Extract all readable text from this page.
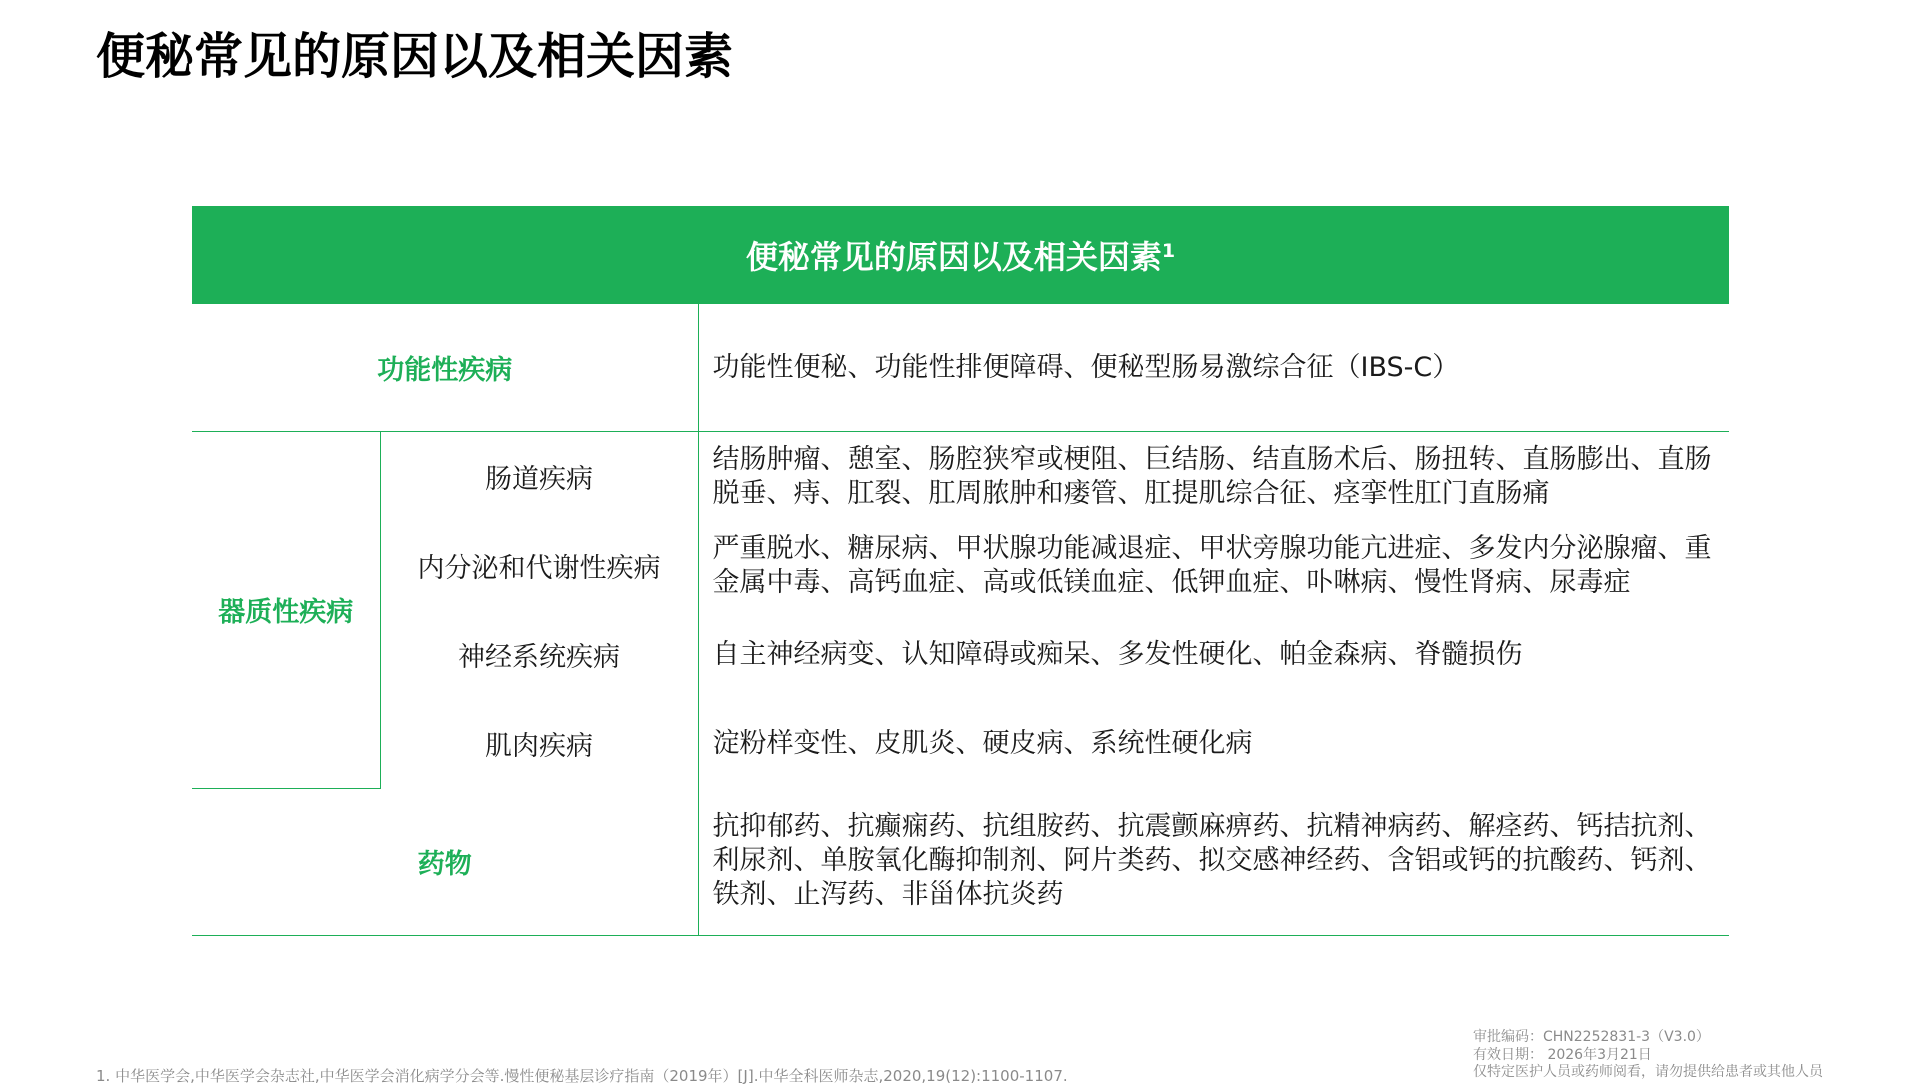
便秘常见的原因以及相关因素
便秘常见的原因以及相关因素$^1$
功能性疾病		功能性便秘、功能性排便障碍、便秘型肠易激综合征（IBS-C）
器质性疾病	肠道疾病	结肠肿瘤、憩室、肠腔狭窄或梗阻、巨结肠、结直肠术后、肠扭转、直肠膨出、直肠脱垂、痔、肛裂、肛周脓肿和瘘管、肛提肌综合征、痉挛性肛门直肠痛
	内分泌和代谢性疾病	严重脱水、糖尿病、甲状腺功能减退症、甲状旁腺功能亢进症、多发内分泌腺瘤、重金属中毒、高钙血症、高或低镁血症、低钾血症、卟啉病、慢性肾病、尿毒症
	神经系统疾病	自主神经病变、认知障碍或痴呆、多发性硬化、帕金森病、脊髓损伤
	肌肉疾病	淀粉样变性、皮肌炎、硬皮病、系统性硬化病
药物		抗抑郁药、抗癫痫药、抗组胺药、抗震颤麻痹药、抗精神病药、解痉药、钙拮抗剂、利尿剂、单胺氧化酶抑制剂、阿片类药、拟交感神经药、含铝或钙的抗酸药、钙剂、铁剂、止泻药、非甾体抗炎药
1. 中华医学会,中华医学会杂志社,中华医学会消化病学分会等.慢性便秘基层诊疗指南（2019年）[J].中华全科医师杂志,2020,19(12):1100-1107.
审批编码：CHN2252831-3（V3.0）
有效日期： 2026年3月21日
仅特定医护人员或药师阅看，请勿提供给患者或其他人员
